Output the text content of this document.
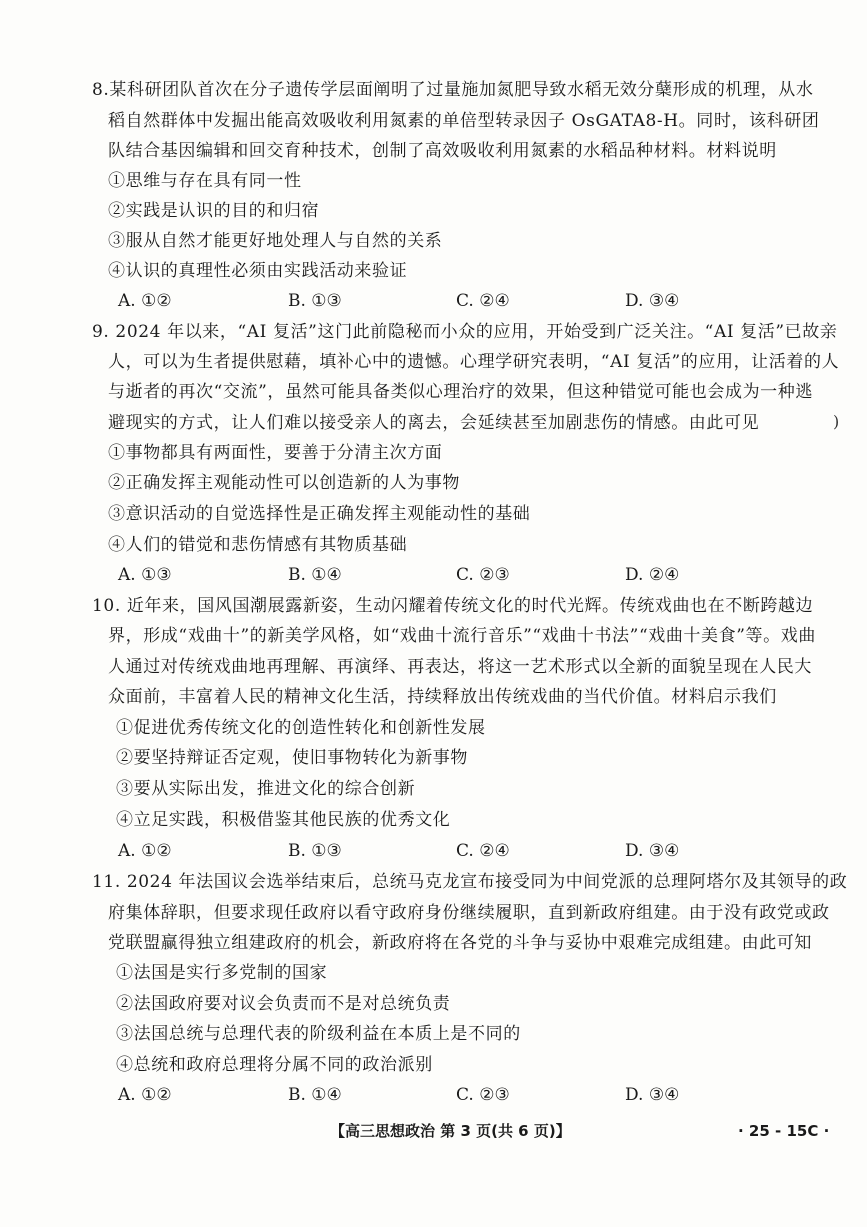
8.某科研团队首次在分子遗传学层面阐明了过量施加氮肥导致水稻无效分蘖形成的机理，从水
稻自然群体中发掘出能高效吸收利用氮素的单倍型转录因子 OsGATA8-H。同时，该科研团
队结合基因编辑和回交育种技术，创制了高效吸收利用氮素的水稻品种材料。材料说明
①思维与存在具有同一性
②实践是认识的目的和归宿
③服从自然才能更好地处理人与自然的关系
④认识的真理性必须由实践活动来验证
A. ①②	B. ①③	C. ②④	D. ③④
9. 2024 年以来，“AI 复活”这门此前隐秘而小众的应用，开始受到广泛关注。“AI 复活”已故亲
人，可以为生者提供慰藉，填补心中的遗憾。心理学研究表明，“AI 复活”的应用，让活着的人
与逝者的再次“交流”，虽然可能具备类似心理治疗的效果，但这种错觉可能也会成为一种逃
避现实的方式，让人们难以接受亲人的离去，会延续甚至加剧悲伤的情感。由此可见
①事物都具有两面性，要善于分清主次方面
②正确发挥主观能动性可以创造新的人为事物
③意识活动的自觉选择性是正确发挥主观能动性的基础
④人们的错觉和悲伤情感有其物质基础
A. ①③	B. ①④	C. ②③	D. ②④
10. 近年来，国风国潮展露新姿，生动闪耀着传统文化的时代光辉。传统戏曲也在不断跨越边
界，形成“戏曲十”的新美学风格，如“戏曲十流行音乐”“戏曲十书法”“戏曲十美食”等。戏曲
人通过对传统戏曲地再理解、再演绎、再表达，将这一艺术形式以全新的面貌呈现在人民大
众面前，丰富着人民的精神文化生活，持续释放出传统戏曲的当代价值。材料启示我们
①促进优秀传统文化的创造性转化和创新性发展
②要坚持辩证否定观，使旧事物转化为新事物
③要从实际出发，推进文化的综合创新
④立足实践，积极借鉴其他民族的优秀文化
A. ①②	B. ①③	C. ②④	D. ③④
11. 2024 年法国议会选举结束后，总统马克龙宣布接受同为中间党派的总理阿塔尔及其领导的政
府集体辞职，但要求现任政府以看守政府身份继续履职，直到新政府组建。由于没有政党或政
党联盟赢得独立组建政府的机会，新政府将在各党的斗争与妥协中艰难完成组建。由此可知
①法国是实行多党制的国家
②法国政府要对议会负责而不是对总统负责
③法国总统与总理代表的阶级利益在本质上是不同的
④总统和政府总理将分属不同的政治派别
A. ①②	B. ①④	C. ②③	D. ③④
)
【高三思想政治 第 3 页(共 6 页)】	· 25 - 15C ·
